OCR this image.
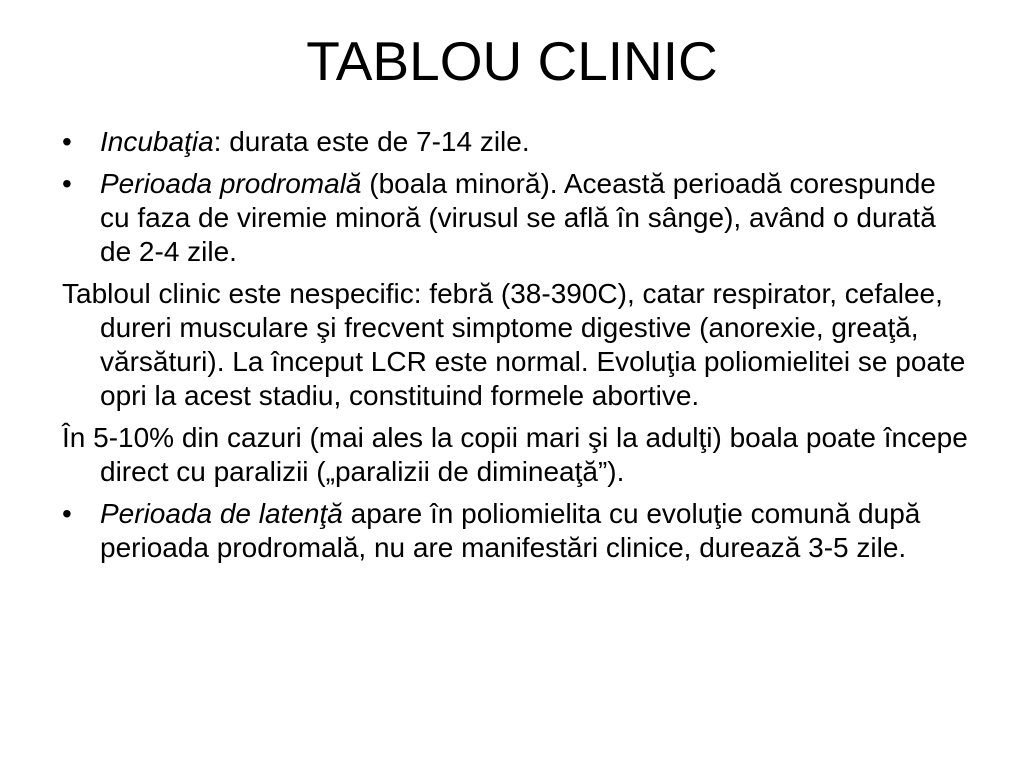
TABLOU CLINIC

•	Incubaţia: durata este de 7-14 zile.

•	Perioada prodromală (boala minoră). Această perioadă corespunde cu faza de viremie minoră (virusul se află în sânge), având o durată de 2-4 zile.

Tabloul clinic este nespecific: febră (38-390C), catar respirator, cefalee, dureri musculare şi frecvent simptome digestive (anorexie, greaţă, vărsături). La început LCR este normal. Evoluţia poliomielitei se poate opri la acest stadiu, constituind formele abortive.

În 5-10% din cazuri (mai ales la copii mari şi la adulţi) boala poate începe direct cu paralizii („paralizii de dimineaţă”).

•	Perioada de latenţă apare în poliomielita cu evoluţie comună după perioada prodromală, nu are manifestări clinice, durează 3-5 zile.
